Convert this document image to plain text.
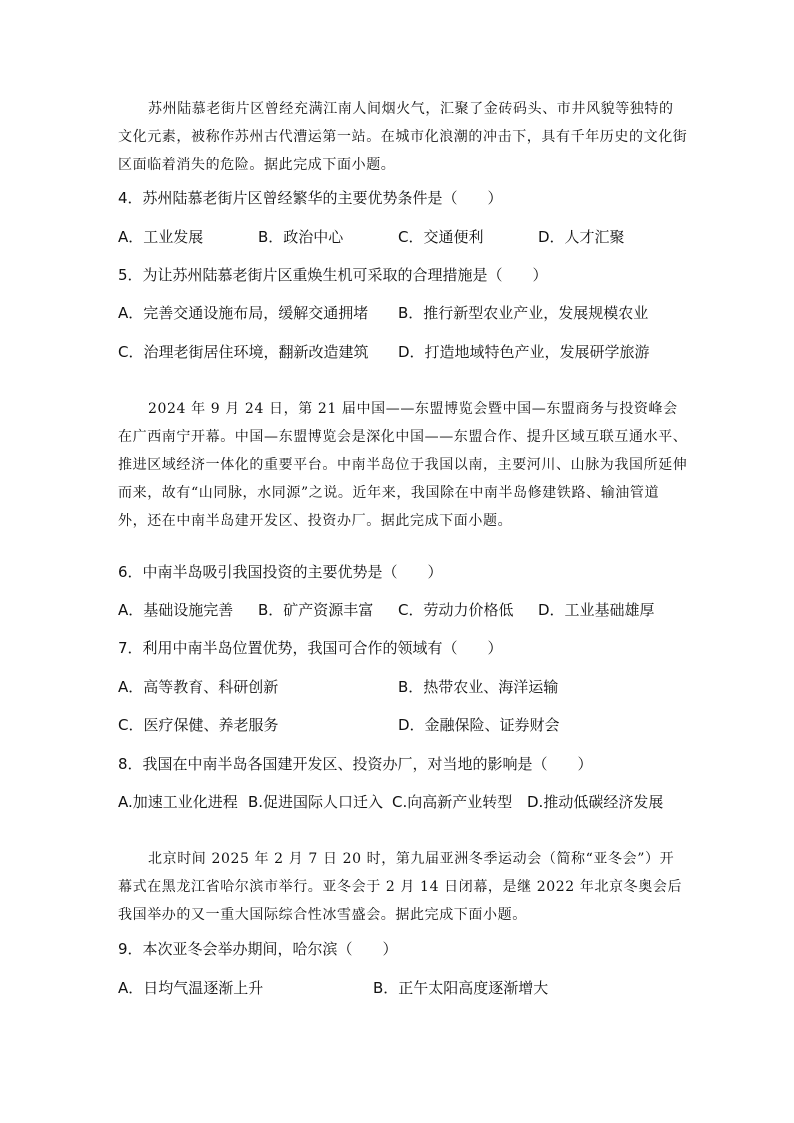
苏州陆慕老街片区曾经充满江南人间烟火气，汇聚了金砖码头、市井风貌等独特的文化元素，被称作苏州古代漕运第一站。在城市化浪潮的冲击下，具有千年历史的文化街区面临着消失的危险。据此完成下面小题。
4．苏州陆慕老街片区曾经繁华的主要优势条件是（　　）
A．工业发展	B．政治中心	C．交通便利	D．人才汇聚
5．为让苏州陆慕老街片区重焕生机可采取的合理措施是（　　）
A．完善交通设施布局，缓解交通拥堵 B．推行新型农业产业，发展规模农业
C．治理老街居住环境，翻新改造建筑 D．打造地域特色产业，发展研学旅游
2024 年 9 月 24 日，第 21 届中国——东盟博览会暨中国—东盟商务与投资峰会在广西南宁开幕。中国—东盟博览会是深化中国——东盟合作、提升区域互联互通水平、推进区域经济一体化的重要平台。中南半岛位于我国以南，主要河川、山脉为我国所延伸而来，故有“山同脉，水同源”之说。近年来，我国除在中南半岛修建铁路、输油管道外，还在中南半岛建开发区、投资办厂。据此完成下面小题。
6．中南半岛吸引我国投资的主要优势是（　　）
A．基础设施完善 B．矿产资源丰富 C．劳动力价格低 D．工业基础雄厚
7．利用中南半岛位置优势，我国可合作的领域有（　　）
A．高等教育、科研创新	B．热带农业、海洋运输
C．医疗保健、养老服务	D．金融保险、证券财会
8．我国在中南半岛各国建开发区、投资办厂，对当地的影响是（　　）
A.加速工业化进程 B.促进国际人口迁入 C.向高新产业转型 D.推动低碳经济发展
北京时间 2025 年 2 月 7 日 20 时，第九届亚洲冬季运动会（简称“亚冬会”）开幕式在黑龙江省哈尔滨市举行。亚冬会于 2 月 14 日闭幕，是继 2022 年北京冬奥会后我国举办的又一重大国际综合性冰雪盛会。据此完成下面小题。
9．本次亚冬会举办期间，哈尔滨（　　）
A．日均气温逐渐上升	B．正午太阳高度逐渐增大
